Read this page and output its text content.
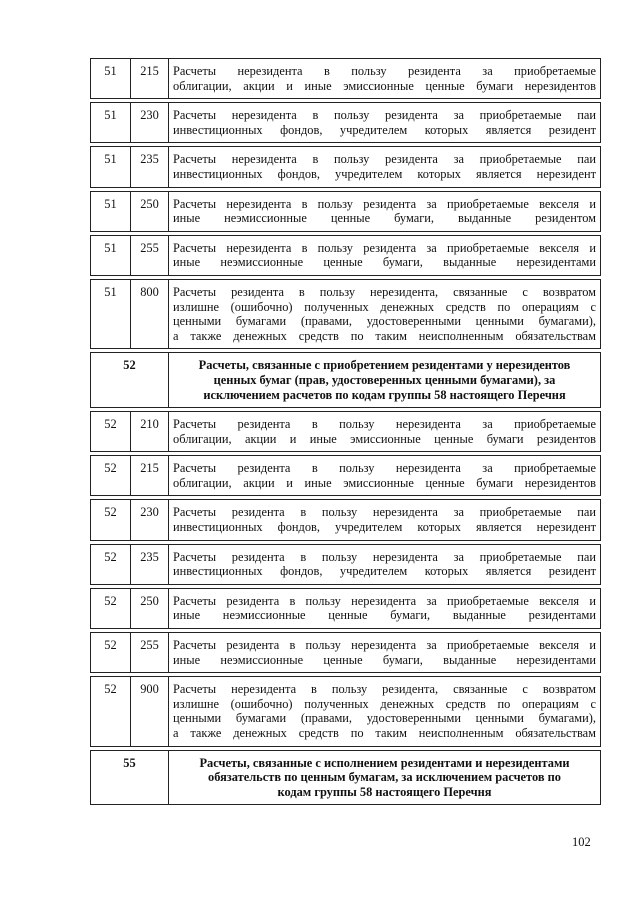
51	215	Расчеты нерезидента в пользу резидента за приобретаемые
облигации, акции и иные эмиссионные ценные бумаги нерезидентов

51	230	Расчеты нерезидента в пользу резидента за приобретаемые паи
инвестиционных фондов, учредителем которых является резидент

51	235	Расчеты нерезидента в пользу резидента за приобретаемые паи
инвестиционных фондов, учредителем которых является нерезидент

51	250	Расчеты нерезидента в пользу резидента за приобретаемые векселя и
иные неэмиссионные ценные бумаги, выданные резидентом

51	255	Расчеты нерезидента в пользу резидента за приобретаемые векселя и
иные неэмиссионные ценные бумаги, выданные нерезидентами

51	800	Расчеты резидента в пользу нерезидента, связанные с возвратом
излишне (ошибочно) полученных денежных средств по операциям с
ценными бумагами (правами, удостоверенными ценными бумагами),
а также денежных средств по таким неисполненным обязательствам

52		Расчеты, связанные с приобретением резидентами у нерезидентов
ценных бумаг (прав, удостоверенных ценными бумагами), за
исключением расчетов по кодам группы 58 настоящего Перечня

52	210	Расчеты резидента в пользу нерезидента за приобретаемые
облигации, акции и иные эмиссионные ценные бумаги резидентов

52	215	Расчеты резидента в пользу нерезидента за приобретаемые
облигации, акции и иные эмиссионные ценные бумаги нерезидентов

52	230	Расчеты резидента в пользу нерезидента за приобретаемые паи
инвестиционных фондов, учредителем которых является нерезидент

52	235	Расчеты резидента в пользу нерезидента за приобретаемые паи
инвестиционных фондов, учредителем которых является резидент

52	250	Расчеты резидента в пользу нерезидента за приобретаемые векселя и
иные неэмиссионные ценные бумаги, выданные резидентами

52	255	Расчеты резидента в пользу нерезидента за приобретаемые векселя и
иные неэмиссионные ценные бумаги, выданные нерезидентами

52	900	Расчеты нерезидента в пользу резидента, связанные с возвратом
излишне (ошибочно) полученных денежных средств по операциям с
ценными бумагами (правами, удостоверенными ценными бумагами),
а также денежных средств по таким неисполненным обязательствам

55		Расчеты, связанные с исполнением резидентами и нерезидентами
обязательств по ценным бумагам, за исключением расчетов по
кодам группы 58 настоящего Перечня
102
